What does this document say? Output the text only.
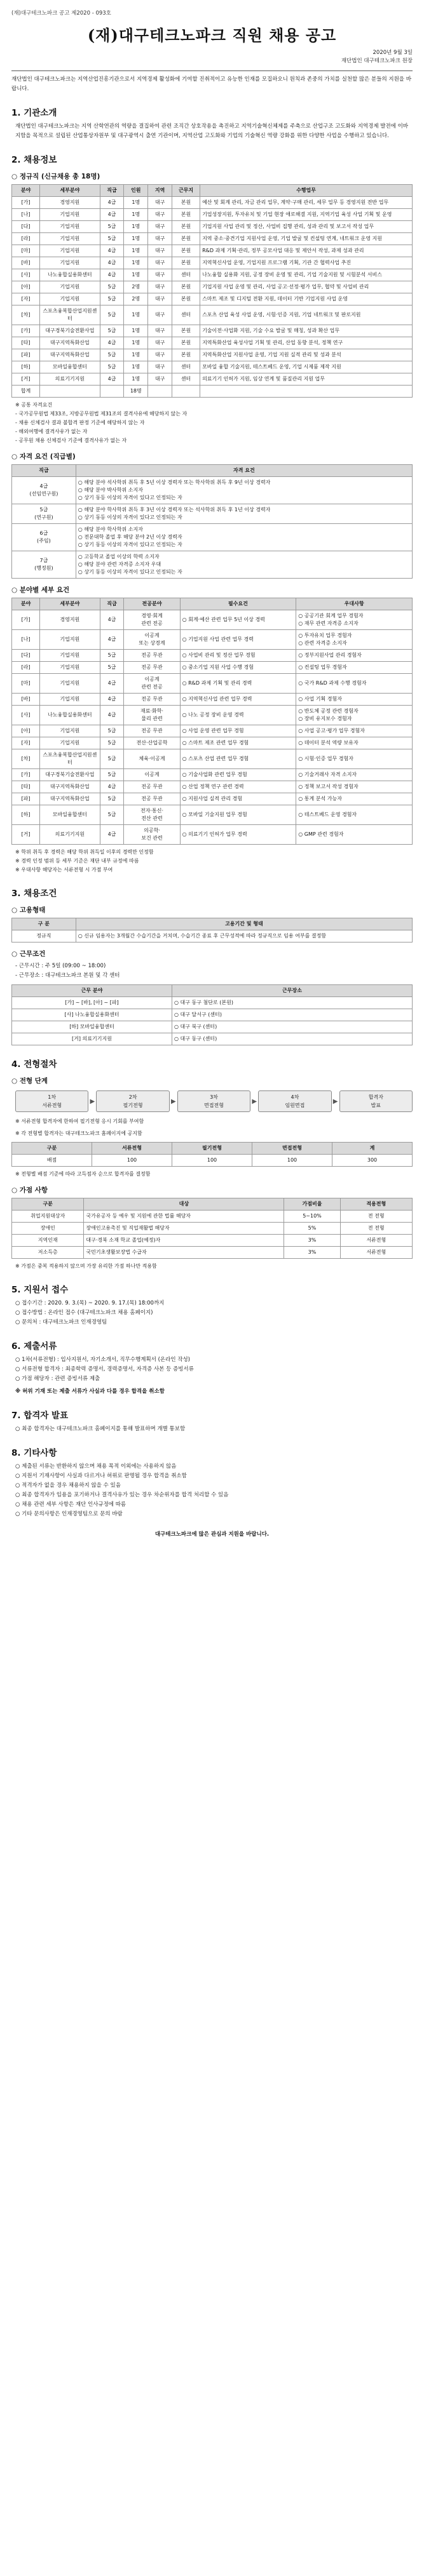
(재)대구테크노파크 공고 제2020 - 093호
(재)대구테크노파크 직원 채용 공고
2020년 9월 3일
재단법인 대구테크노파크 원장
재단법인 대구테크노파크는 지역산업진흥기관으로서 지역경제 활성화에 기여할 진취적이고 유능한 인재를 모집하오니 원칙과 존중의 가치를 실천할 많은 분들의 지원을 바랍니다.
1. 기관소개
재단법인 대구테크노파크는 지역 산학연관의 역량을 결집하여 관련 조직간 상호작용을 촉진하고 지역기술혁신체제를 주축으로 산업구조 고도화와 지역경제 발전에 이바지함을 목적으로 설립된 산업통상자원부 및 대구광역시 출연 기관이며, 지역산업 고도화와 기업의 기술혁신 역량 강화를 위한 다양한 사업을 수행하고 있습니다.
2. 채용정보
○ 정규직 (신규채용 총 18명)
분야	세부분야	직급	인원	지역	근무지	수행업무
[가]	경영지원	4급	1명	대구	본원	예산 및 회계 관리, 자금 관리 업무, 계약·구매 관리, 세무 업무 등 경영지원 전반 업무
[나]	기업지원	4급	1명	대구	본원	기업성장지원, 투자유치 및 기업 현장 애로해결 지원, 지역기업 육성 사업 기획 및 운영
[다]	기업지원	5급	1명	대구	본원	기업지원 사업 관리 및 정산, 사업비 집행 관리, 성과 관리 및 보고서 작성 업무
[라]	기업지원	5급	1명	대구	본원	지역 중소·중견기업 지원사업 운영, 기업 발굴 및 컨설팅 연계, 네트워크 운영 지원
[마]	기업지원	4급	1명	대구	본원	R&D 과제 기획·관리, 정부 공모사업 대응 및 제안서 작성, 과제 성과 관리
[바]	기업지원	4급	1명	대구	본원	지역혁신사업 운영, 기업지원 프로그램 기획, 기관 간 협력사업 추진
[사]	나노융합실용화센터	4급	1명	대구	센터	나노융합 실용화 지원, 공정 장비 운영 및 관리, 기업 기술지원 및 시험분석 서비스
[아]	기업지원	5급	2명	대구	본원	기업지원 사업 운영 및 관리, 사업 공고·선정·평가 업무, 협약 및 사업비 관리
[자]	기업지원	5급	2명	대구	본원	스마트 제조 및 디지털 전환 지원, 데이터 기반 기업지원 사업 운영
[차]	스포츠융복합산업지원센터	5급	1명	대구	센터	스포츠 산업 육성 사업 운영, 시험·인증 지원, 기업 네트워크 및 판로지원
[카]	대구경북기술전환사업	5급	1명	대구	본원	기술이전·사업화 지원, 기술 수요 발굴 및 매칭, 성과 확산 업무
[타]	대구지역특화산업	4급	1명	대구	본원	지역특화산업 육성사업 기획 및 관리, 산업 동향 분석, 정책 연구
[파]	대구지역특화산업	5급	1명	대구	본원	지역특화산업 지원사업 운영, 기업 지원 실적 관리 및 성과 분석
[하]	모바일융합센터	5급	1명	대구	센터	모바일 융합 기술지원, 테스트베드 운영, 기업 시제품 제작 지원
[거]	의료기기지원	4급	1명	대구	센터	의료기기 인허가 지원, 임상 연계 및 품질관리 지원 업무
합계			18명			
※ 공통 자격요건
- 국가공무원법 제33조, 지방공무원법 제31조의 결격사유에 해당하지 않는 자
- 채용 신체검사 결과 불합격 판정 기준에 해당하지 않는 자
- 해외여행에 결격사유가 없는 자
- 공무원 채용 신체검사 기준에 결격사유가 없는 자
○ 자격 요건 (직급별)
직급	자격 요건
4급
(선임연구원)	○ 해당 분야 석사학위 취득 후 5년 이상 경력자 또는 학사학위 취득 후 9년 이상 경력자
○ 해당 분야 박사학위 소지자
○ 상기 동등 이상의 자격이 있다고 인정되는 자
5급
(연구원)	○ 해당 분야 학사학위 취득 후 3년 이상 경력자 또는 석사학위 취득 후 1년 이상 경력자
○ 상기 동등 이상의 자격이 있다고 인정되는 자
6급
(주임)	○ 해당 분야 학사학위 소지자
○ 전문대학 졸업 후 해당 분야 2년 이상 경력자
○ 상기 동등 이상의 자격이 있다고 인정되는 자
7급
(행정원)	○ 고등학교 졸업 이상의 학력 소지자
○ 해당 분야 관련 자격증 소지자 우대
○ 상기 동등 이상의 자격이 있다고 인정되는 자
○ 분야별 세부 요건
분야	세부분야	직급	전공분야	필수요건	우대사항
[가]	경영지원	4급	경영·회계
관련 전공	○ 회계·예산 관련 업무 5년 이상 경력	○ 공공기관 회계 업무 경험자
○ 재무 관련 자격증 소지자
[나]	기업지원	4급	이공계
또는 상경계	○ 기업지원 사업 관련 업무 경력	○ 투자유치 업무 경험자
○ 관련 자격증 소지자
[다]	기업지원	5급	전공 무관	○ 사업비 관리 및 정산 업무 경험	○ 정부지원사업 관리 경험자
[라]	기업지원	5급	전공 무관	○ 중소기업 지원 사업 수행 경험	○ 컨설팅 업무 경험자
[마]	기업지원	4급	이공계
관련 전공	○ R&D 과제 기획 및 관리 경력	○ 국가 R&D 과제 수행 경험자
[바]	기업지원	4급	전공 무관	○ 지역혁신사업 관련 업무 경력	○ 사업 기획 경험자
[사]	나노융합실용화센터	4급	재료·화학·
물리 관련	○ 나노 공정 장비 운영 경력	○ 반도체 공정 관련 경험자
○ 장비 유지보수 경험자
[아]	기업지원	5급	전공 무관	○ 사업 운영 관련 업무 경험	○ 사업 공고·평가 업무 경험자
[자]	기업지원	5급	전산·산업공학	○ 스마트 제조 관련 업무 경험	○ 데이터 분석 역량 보유자
[차]	스포츠융복합산업지원센터	5급	체육·이공계	○ 스포츠 산업 관련 업무 경험	○ 시험·인증 업무 경험자
[카]	대구경북기술전환사업	5급	이공계	○ 기술사업화 관련 업무 경험	○ 기술거래사 자격 소지자
[타]	대구지역특화산업	4급	전공 무관	○ 산업 정책 연구 관련 경력	○ 정책 보고서 작성 경험자
[파]	대구지역특화산업	5급	전공 무관	○ 지원사업 실적 관리 경험	○ 통계 분석 가능자
[하]	모바일융합센터	5급	전자·통신·
전산 관련	○ 모바일 기술지원 업무 경험	○ 테스트베드 운영 경험자
[거]	의료기기지원	4급	의공학·
보건 관련	○ 의료기기 인허가 업무 경력	○ GMP 관련 경험자
※ 학위 취득 후 경력은 해당 학위 취득일 이후의 경력만 인정함
※ 경력 인정 범위 등 세부 기준은 재단 내부 규정에 따름
※ 우대사항 해당자는 서류전형 시 가점 부여
3. 채용조건
○ 고용형태
구 분	고용기간 및 형태
정규직	○ 신규 임용자는 3개월간 수습기간을 거치며, 수습기간 종료 후 근무성적에 따라 정규직으로 임용 여부를 결정함
○ 근무조건
- 근무시간 : 주 5일 (09:00 ~ 18:00)
- 근무장소 : 대구테크노파크 본원 및 각 센터
근무 분야	근무장소
[가] ~ [바], [아] ~ [파]	○ 대구 동구 첨단로 (본원)
[사] 나노융합실용화센터	○ 대구 달서구 (센터)
[하] 모바일융합센터	○ 대구 북구 (센터)
[거] 의료기기지원	○ 대구 동구 (센터)
4. 전형절차
○ 전형 단계
1차
서류전형
▶
2차
필기전형
▶
3차
면접전형
▶
4차
임원면접
▶
합격자
발표
※ 서류전형 합격자에 한하여 필기전형 응시 기회를 부여함
※ 각 전형별 합격자는 대구테크노파크 홈페이지에 공지함
구분	서류전형	필기전형	면접전형	계
배점	100	100	100	300
※ 전형별 배점 기준에 따라 고득점자 순으로 합격자를 결정함
○ 가점 사항
구분	대상	가점비율	적용전형
취업지원대상자	국가유공자 등 예우 및 지원에 관한 법률 해당자	5~10%	전 전형
장애인	장애인고용촉진 및 직업재활법 해당자	5%	전 전형
지역인재	대구·경북 소재 학교 졸업(예정)자	3%	서류전형
저소득층	국민기초생활보장법 수급자	3%	서류전형
※ 가점은 중복 적용하지 않으며 가장 유리한 가점 하나만 적용함
5. 지원서 접수
○ 접수기간 : 2020. 9. 3.(목) ~ 2020. 9. 17.(목) 18:00까지
○ 접수방법 : 온라인 접수 (대구테크노파크 채용 홈페이지)
○ 문의처 : 대구테크노파크 인재경영팀
6. 제출서류
○ 1차(서류전형) : 입사지원서, 자기소개서, 직무수행계획서 (온라인 작성)
○ 서류전형 합격자 : 최종학력 증명서, 경력증명서, 자격증 사본 등 증빙서류
○ 가점 해당자 : 관련 증빙서류 제출
※ 허위 기재 또는 제출 서류가 사실과 다를 경우 합격을 취소함
7. 합격자 발표
○ 최종 합격자는 대구테크노파크 홈페이지를 통해 발표하며 개별 통보함
8. 기타사항
○ 제출된 서류는 반환하지 않으며 채용 목적 이외에는 사용하지 않음
○ 지원서 기재사항이 사실과 다르거나 허위로 판명될 경우 합격을 취소함
○ 적격자가 없을 경우 채용하지 않을 수 있음
○ 최종 합격자가 임용을 포기하거나 결격사유가 있는 경우 차순위자를 합격 처리할 수 있음
○ 채용 관련 세부 사항은 재단 인사규정에 따름
○ 기타 문의사항은 인재경영팀으로 문의 바람
대구테크노파크에 많은 관심과 지원을 바랍니다.
